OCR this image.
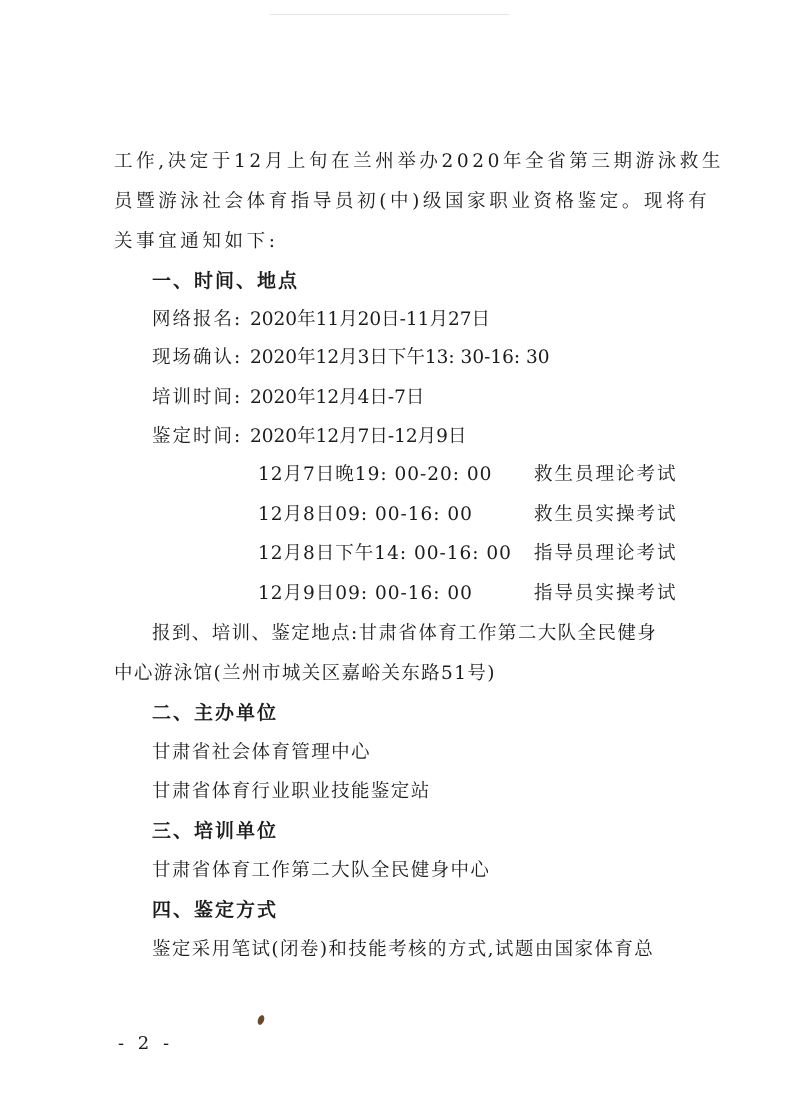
工作,决定于12月上旬在兰州举办2020年全省第三期游泳救生
员暨游泳社会体育指导员初(中)级国家职业资格鉴定。现将有
关事宜通知如下:
一、时间、地点
网络报名: 2020年11月20日-11月27日
现场确认: 2020年12月3日下午13: 30-16: 30
培训时间: 2020年12月4日-7日
鉴定时间: 2020年12月7日-12月9日
12月7日晚19: 00-20: 00 救生员理论考试
12月8日09: 00-16: 00	救生员实操考试
12月8日下午14: 00-16: 00 指导员理论考试
12月9日09: 00-16: 00	指导员实操考试
报到、培训、鉴定地点:甘肃省体育工作第二大队全民健身
中心游泳馆(兰州市城关区嘉峪关东路51号)
二、主办单位
甘肃省社会体育管理中心
甘肃省体育行业职业技能鉴定站
三、培训单位
甘肃省体育工作第二大队全民健身中心
四、鉴定方式
鉴定采用笔试(闭卷)和技能考核的方式,试题由国家体育总
- 2 -
